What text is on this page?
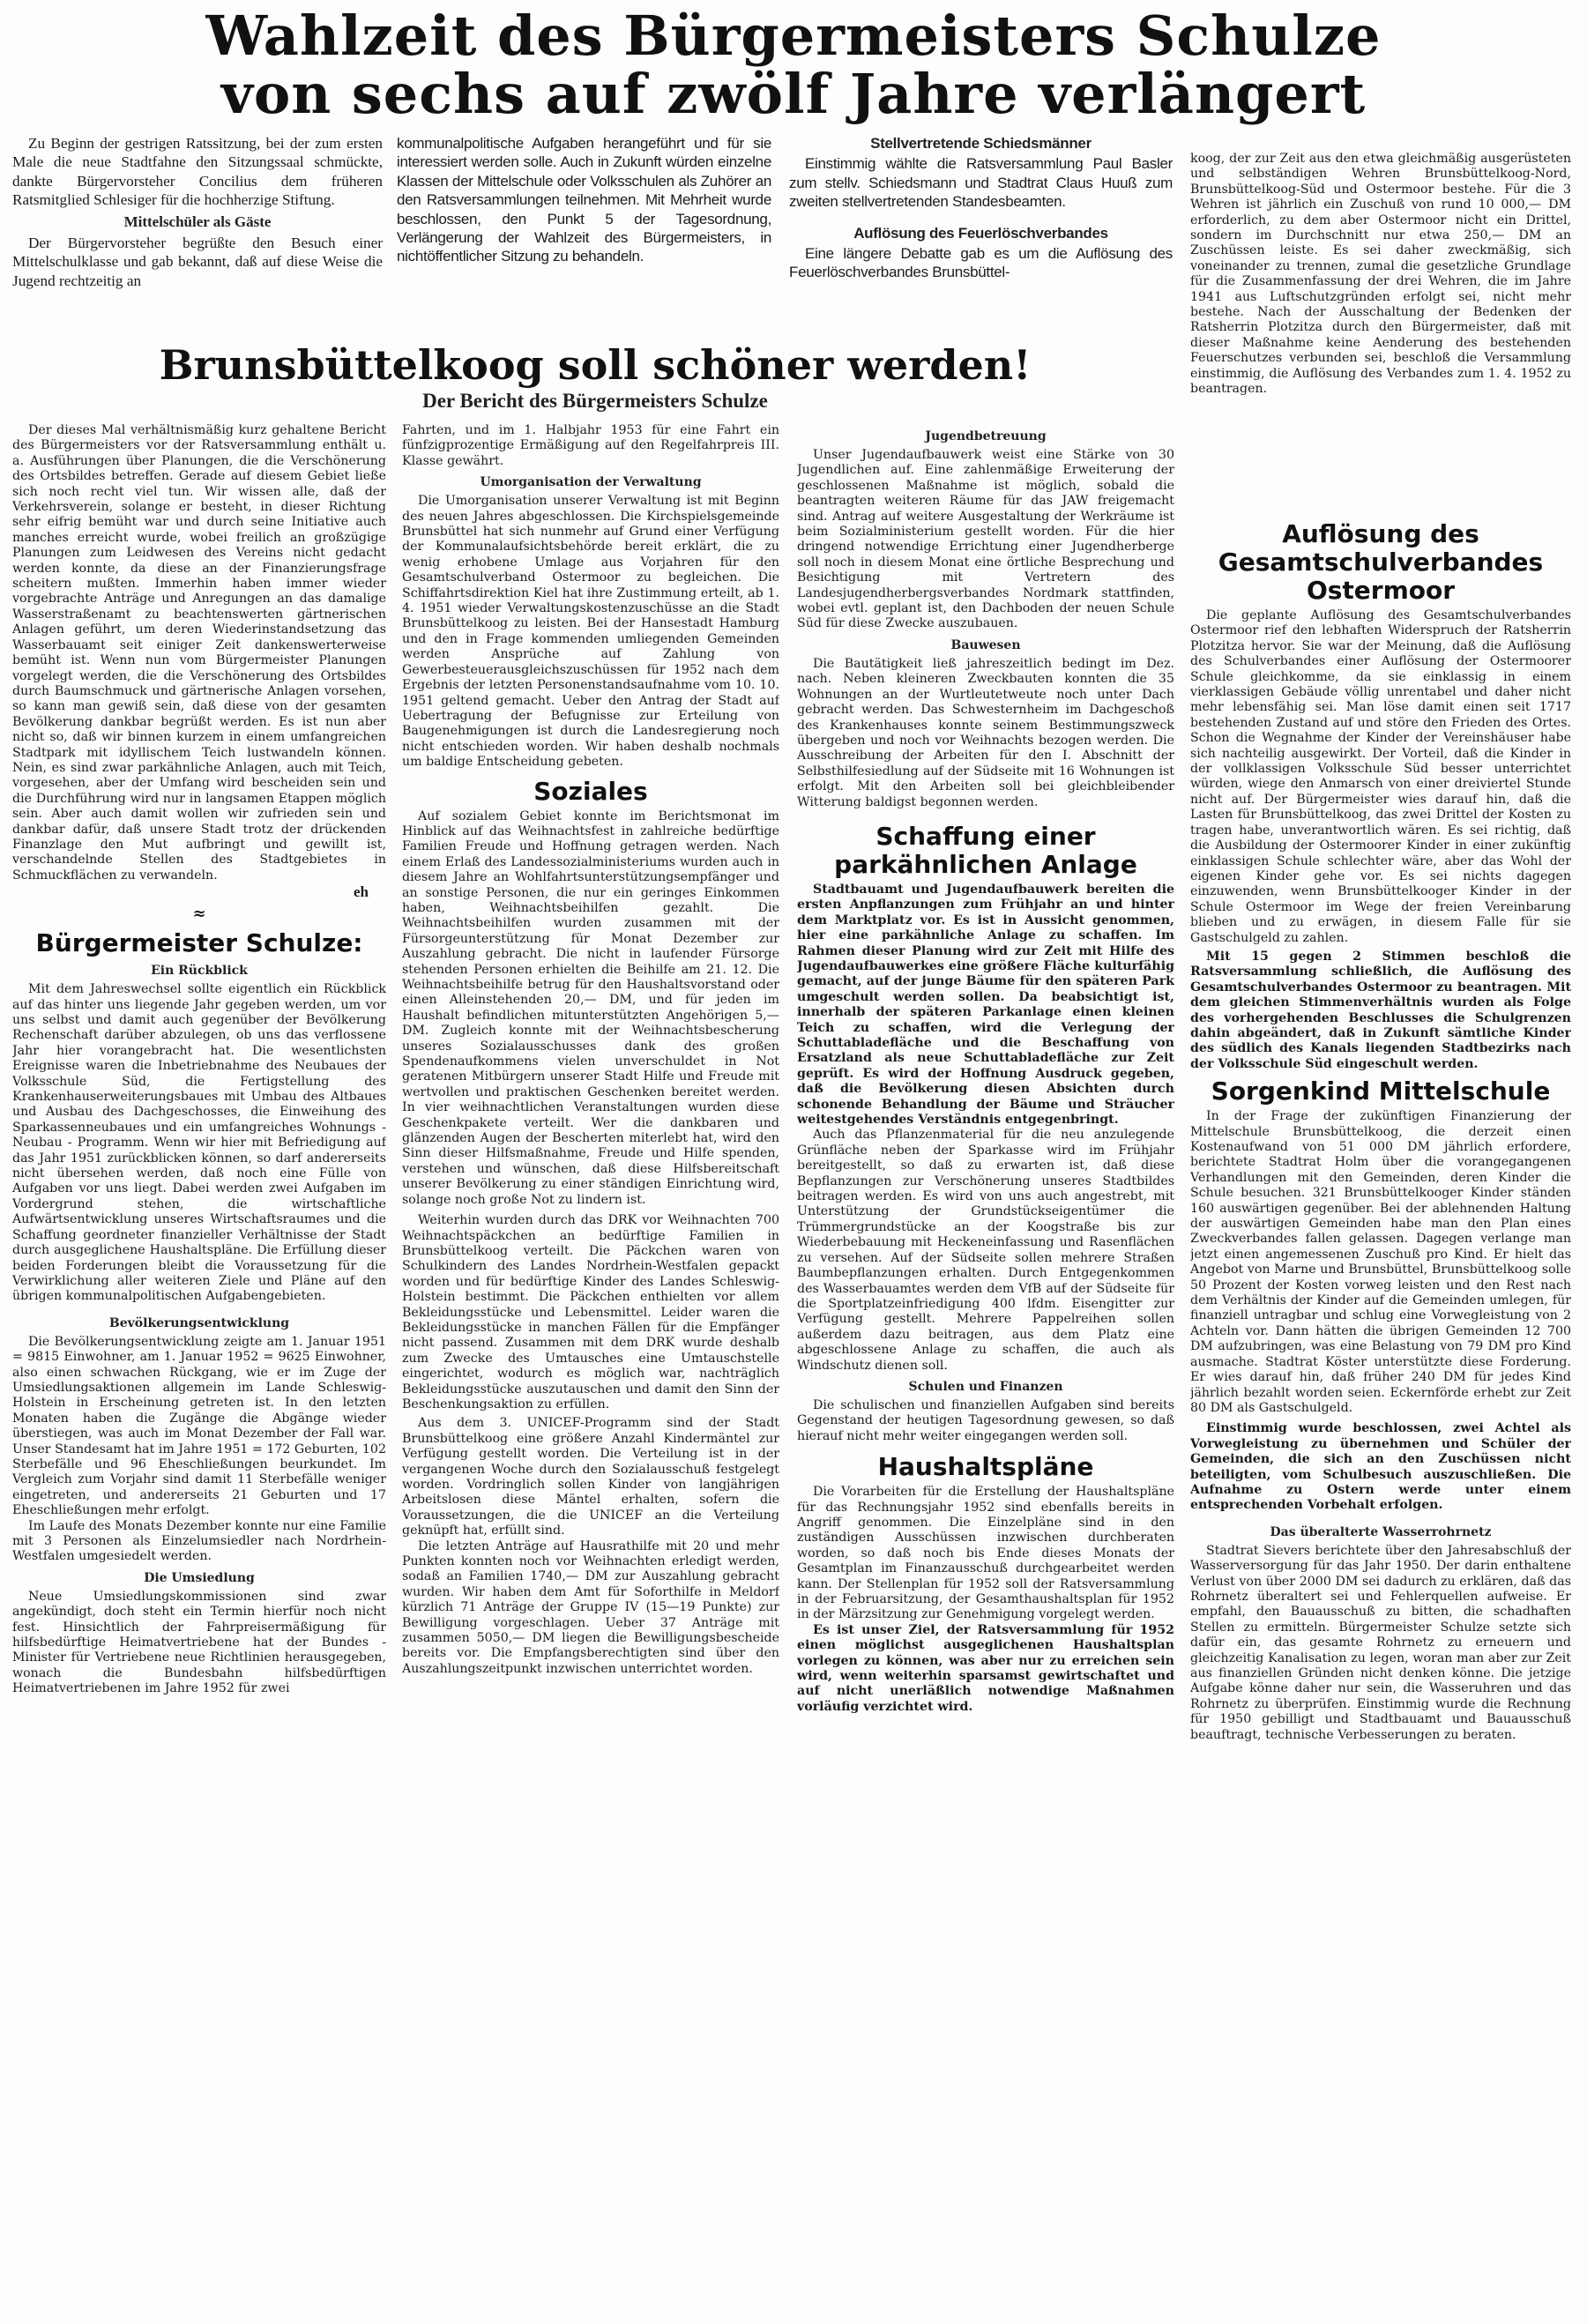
Wahlzeit des Bürgermeisters Schulze
von sechs auf zwölf Jahre verlängert

Zu Beginn der gestrigen Ratssitzung, bei der zum ersten Male die neue Stadtfahne den Sitzungssaal schmückte, dankte Bürgervorsteher Concilius dem früheren Ratsmitglied Schlesiger für die hochherzige Stiftung.

Mittelschüler als Gäste

Der Bürgervorsteher begrüßte den Besuch einer Mittelschulklasse und gab bekannt, daß auf diese Weise die Jugend rechtzeitig an

kommunalpolitische Aufgaben herangeführt und für sie interessiert werden solle. Auch in Zukunft würden einzelne Klassen der Mittelschule oder Volksschulen als Zuhörer an den Ratsversammlungen teilnehmen. Mit Mehrheit wurde beschlossen, den Punkt 5 der Tagesordnung, Verlängerung der Wahlzeit des Bürgermeisters, in nichtöffentlicher Sitzung zu behandeln.

Stellvertretende Schiedsmänner

Einstimmig wählte die Ratsversammlung Paul Basler zum stellv. Schiedsmann und Stadtrat Claus Huuß zum zweiten stellvertretenden Standesbeamten.

Auflösung des Feuerlöschverbandes

Eine längere Debatte gab es um die Auflösung des Feuerlöschverbandes Brunsbüttel-

koog, der zur Zeit aus den etwa gleichmäßig ausgerüsteten und selbständigen Wehren Brunsbüttelkoog-Nord, Brunsbüttelkoog-Süd und Ostermoor bestehe. Für die 3 Wehren ist jährlich ein Zuschuß von rund 10 000,— DM erforderlich, zu dem aber Ostermoor nicht ein Drittel, sondern im Durchschnitt nur etwa 250,— DM an Zuschüssen leiste. Es sei daher zweckmäßig, sich voneinander zu trennen, zumal die gesetzliche Grundlage für die Zusammenfassung der drei Wehren, die im Jahre 1941 aus Luftschutzgründen erfolgt sei, nicht mehr bestehe. Nach der Ausschaltung der Bedenken der Ratsherrin Plotzitza durch den Bürgermeister, daß mit dieser Maßnahme keine Aenderung des bestehenden Feuerschutzes verbunden sei, beschloß die Versammlung einstimmig, die Auflösung des Verbandes zum 1. 4. 1952 zu beantragen.

Brunsbüttelkoog soll schöner werden!
Der Bericht des Bürgermeisters Schulze

Der dieses Mal verhältnismäßig kurz gehaltene Bericht des Bürgermeisters vor der Ratsversammlung enthält u. a. Ausführungen über Planungen, die die Verschönerung des Ortsbildes betreffen. Gerade auf diesem Gebiet ließe sich noch recht viel tun. Wir wissen alle, daß der Verkehrsverein, solange er besteht, in dieser Richtung sehr eifrig bemüht war und durch seine Initiative auch manches erreicht wurde, wobei freilich an großzügige Planungen zum Leidwesen des Vereins nicht gedacht werden konnte, da diese an der Finanzierungsfrage scheitern mußten. Immerhin haben immer wieder vorgebrachte Anträge und Anregungen an das damalige Wasserstraßenamt zu beachtenswerten gärtnerischen Anlagen geführt, um deren Wiederinstandsetzung das Wasserbauamt seit einiger Zeit dankenswerterweise bemüht ist. Wenn nun vom Bürgermeister Planungen vorgelegt werden, die die Verschönerung des Ortsbildes durch Baumschmuck und gärtnerische Anlagen vorsehen, so kann man gewiß sein, daß diese von der gesamten Bevölkerung dankbar begrüßt werden. Es ist nun aber nicht so, daß wir binnen kurzem in einem umfangreichen Stadtpark mit idyllischem Teich lustwandeln können. Nein, es sind zwar parkähnliche Anlagen, auch mit Teich, vorgesehen, aber der Umfang wird bescheiden sein und die Durchführung wird nur in langsamen Etappen möglich sein. Aber auch damit wollen wir zufrieden sein und dankbar dafür, daß unsere Stadt trotz der drückenden Finanzlage den Mut aufbringt und gewillt ist, verschandelnde Stellen des Stadtgebietes in Schmuckflächen zu verwandeln.

eh
≈
Bürgermeister Schulze:
Ein Rückblick

Mit dem Jahreswechsel sollte eigentlich ein Rückblick auf das hinter uns liegende Jahr gegeben werden, um vor uns selbst und damit auch gegenüber der Bevölkerung Rechenschaft darüber abzulegen, ob uns das verflossene Jahr hier vorangebracht hat. Die wesentlichsten Ereignisse waren die Inbetriebnahme des Neubaues der Volksschule Süd, die Fertigstellung des Krankenhauserweiterungsbaues mit Umbau des Altbaues und Ausbau des Dachgeschosses, die Einweihung des Sparkassenneubaues und ein umfangreiches Wohnungs - Neubau - Programm. Wenn wir hier mit Befriedigung auf das Jahr 1951 zurückblicken können, so darf andererseits nicht übersehen werden, daß noch eine Fülle von Aufgaben vor uns liegt. Dabei werden zwei Aufgaben im Vordergrund stehen, die wirtschaftliche Aufwärtsentwicklung unseres Wirtschaftsraumes und die Schaffung geordneter finanzieller Verhältnisse der Stadt durch ausgeglichene Haushaltspläne. Die Erfüllung dieser beiden Forderungen bleibt die Voraussetzung für die Verwirklichung aller weiteren Ziele und Pläne auf den übrigen kommunalpolitischen Aufgabengebieten.

Bevölkerungsentwicklung

Die Bevölkerungsentwicklung zeigte am 1. Januar 1951 = 9815 Einwohner, am 1. Januar 1952 = 9625 Einwohner, also einen schwachen Rückgang, wie er im Zuge der Umsiedlungsaktionen allgemein im Lande Schleswig-Holstein in Erscheinung getreten ist. In den letzten Monaten haben die Zugänge die Abgänge wieder überstiegen, was auch im Monat Dezember der Fall war. Unser Standesamt hat im Jahre 1951 = 172 Geburten, 102 Sterbefälle und 96 Eheschließungen beurkundet. Im Vergleich zum Vorjahr sind damit 11 Sterbefälle weniger eingetreten, und andererseits 21 Geburten und 17 Eheschließungen mehr erfolgt.

Im Laufe des Monats Dezember konnte nur eine Familie mit 3 Personen als Einzelumsiedler nach Nordrhein-Westfalen umgesiedelt werden.

Die Umsiedlung

Neue Umsiedlungskommissionen sind zwar angekündigt, doch steht ein Termin hierfür noch nicht fest. Hinsichtlich der Fahrpreisermäßigung für hilfsbedürftige Heimatvertriebene hat der Bundes - Minister für Vertriebene neue Richtlinien herausgegeben, wonach die Bundesbahn hilfsbedürftigen Heimatvertriebenen im Jahre 1952 für zwei

Fahrten, und im 1. Halbjahr 1953 für eine Fahrt ein fünfzigprozentige Ermäßigung auf den Regelfahrpreis III. Klasse gewährt.

Umorganisation der Verwaltung

Die Umorganisation unserer Verwaltung ist mit Beginn des neuen Jahres abgeschlossen. Die Kirchspielsgemeinde Brunsbüttel hat sich nunmehr auf Grund einer Verfügung der Kommunalaufsichtsbehörde bereit erklärt, die zu wenig erhobene Umlage aus Vorjahren für den Gesamtschulverband Ostermoor zu begleichen. Die Schiffahrtsdirektion Kiel hat ihre Zustimmung erteilt, ab 1. 4. 1951 wieder Verwaltungskostenzuschüsse an die Stadt Brunsbüttelkoog zu leisten. Bei der Hansestadt Hamburg und den in Frage kommenden umliegenden Gemeinden werden Ansprüche auf Zahlung von Gewerbesteuerausgleichszuschüssen für 1952 nach dem Ergebnis der letzten Personenstandsaufnahme vom 10. 10. 1951 geltend gemacht. Ueber den Antrag der Stadt auf Uebertragung der Befugnisse zur Erteilung von Baugenehmigungen ist durch die Landesregierung noch nicht entschieden worden. Wir haben deshalb nochmals um baldige Entscheidung gebeten.

Soziales

Auf sozialem Gebiet konnte im Berichtsmonat im Hinblick auf das Weihnachtsfest in zahlreiche bedürftige Familien Freude und Hoffnung getragen werden. Nach einem Erlaß des Landessozialministeriums wurden auch in diesem Jahre an Wohlfahrtsunterstützungsempfänger und an sonstige Personen, die nur ein geringes Einkommen haben, Weihnachtsbeihilfen gezahlt. Die Weihnachtsbeihilfen wurden zusammen mit der Fürsorgeunterstützung für Monat Dezember zur Auszahlung gebracht. Die nicht in laufender Fürsorge stehenden Personen erhielten die Beihilfe am 21. 12. Die Weihnachtsbeihilfe betrug für den Haushaltsvorstand oder einen Alleinstehenden 20,— DM, und für jeden im Haushalt befindlichen mitunterstützten Angehörigen 5,— DM. Zugleich konnte mit der Weihnachtsbescherung unseres Sozialausschusses dank des großen Spendenaufkommens vielen unverschuldet in Not geratenen Mitbürgern unserer Stadt Hilfe und Freude mit wertvollen und praktischen Geschenken bereitet werden. In vier weihnachtlichen Veranstaltungen wurden diese Geschenkpakete verteilt. Wer die dankbaren und glänzenden Augen der Bescherten miterlebt hat, wird den Sinn dieser Hilfsmaßnahme, Freude und Hilfe spenden, verstehen und wünschen, daß diese Hilfsbereitschaft unserer Bevölkerung zu einer ständigen Einrichtung wird, solange noch große Not zu lindern ist.

Weiterhin wurden durch das DRK vor Weihnachten 700 Weihnachtspäckchen an bedürftige Familien in Brunsbüttelkoog verteilt. Die Päckchen waren von Schulkindern des Landes Nordrhein-Westfalen gepackt worden und für bedürftige Kinder des Landes Schleswig-Holstein bestimmt. Die Päckchen enthielten vor allem Bekleidungsstücke und Lebensmittel. Leider waren die Bekleidungsstücke in manchen Fällen für die Empfänger nicht passend. Zusammen mit dem DRK wurde deshalb zum Zwecke des Umtausches eine Umtauschstelle eingerichtet, wodurch es möglich war, nachträglich Bekleidungsstücke auszutauschen und damit den Sinn der Beschenkungsaktion zu erfüllen.

Aus dem 3. UNICEF-Programm sind der Stadt Brunsbüttelkoog eine größere Anzahl Kindermäntel zur Verfügung gestellt worden. Die Verteilung ist in der vergangenen Woche durch den Sozialausschuß festgelegt worden. Vordringlich sollen Kinder von langjährigen Arbeitslosen diese Mäntel erhalten, sofern die Voraussetzungen, die die UNICEF an die Verteilung geknüpft hat, erfüllt sind.

Die letzten Anträge auf Hausrathilfe mit 20 und mehr Punkten konnten noch vor Weihnachten erledigt werden, sodaß an Familien 1740,— DM zur Auszahlung gebracht wurden. Wir haben dem Amt für Soforthilfe in Meldorf kürzlich 71 Anträge der Gruppe IV (15—19 Punkte) zur Bewilligung vorgeschlagen. Ueber 37 Anträge mit zusammen 5050,— DM liegen die Bewilligungsbescheide bereits vor. Die Empfangsberechtigten sind über den Auszahlungszeitpunkt inzwischen unterrichtet worden.

Jugendbetreuung

Unser Jugendaufbauwerk weist eine Stärke von 30 Jugendlichen auf. Eine zahlenmäßige Erweiterung der geschlossenen Maßnahme ist möglich, sobald die beantragten weiteren Räume für das JAW freigemacht sind. Antrag auf weitere Ausgestaltung der Werkräume ist beim Sozialministerium gestellt worden. Für die hier dringend notwendige Errichtung einer Jugendherberge soll noch in diesem Monat eine örtliche Besprechung und Besichtigung mit Vertretern des Landesjugendherbergsverbandes Nordmark stattfinden, wobei evtl. geplant ist, den Dachboden der neuen Schule Süd für diese Zwecke auszubauen.

Bauwesen

Die Bautätigkeit ließ jahreszeitlich bedingt im Dez. nach. Neben kleineren Zweckbauten konnten die 35 Wohnungen an der Wurtleutetweute noch unter Dach gebracht werden. Das Schwesternheim im Dachgeschoß des Krankenhauses konnte seinem Bestimmungszweck übergeben und noch vor Weihnachts bezogen werden. Die Ausschreibung der Arbeiten für den I. Abschnitt der Selbsthilfesiedlung auf der Südseite mit 16 Wohnungen ist erfolgt. Mit den Arbeiten soll bei gleichbleibender Witterung baldigst begonnen werden.

Schaffung einer parkähnlichen Anlage

Stadtbauamt und Jugendaufbauwerk bereiten die ersten Anpflanzungen zum Frühjahr an und hinter dem Marktplatz vor. Es ist in Aussicht genommen, hier eine parkähnliche Anlage zu schaffen. Im Rahmen dieser Planung wird zur Zeit mit Hilfe des Jugendaufbauwerkes eine größere Fläche kulturfähig gemacht, auf der junge Bäume für den späteren Park umgeschult werden sollen. Da beabsichtigt ist, innerhalb der späteren Parkanlage einen kleinen Teich zu schaffen, wird die Verlegung der Schuttabladefläche und die Beschaffung von Ersatzland als neue Schuttabladefläche zur Zeit geprüft. Es wird der Hoffnung Ausdruck gegeben, daß die Bevölkerung diesen Absichten durch schonende Behandlung der Bäume und Sträucher weitestgehendes Verständnis entgegenbringt.

Auch das Pflanzenmaterial für die neu anzulegende Grünfläche neben der Sparkasse wird im Frühjahr bereitgestellt, so daß zu erwarten ist, daß diese Bepflanzungen zur Verschönerung unseres Stadtbildes beitragen werden. Es wird von uns auch angestrebt, mit Unterstützung der Grundstückseigentümer die Trümmergrundstücke an der Koogstraße bis zur Wiederbebauung mit Heckeneinfassung und Rasenflächen zu versehen. Auf der Südseite sollen mehrere Straßen Baumbepflanzungen erhalten. Durch Entgegenkommen des Wasserbauamtes werden dem VfB auf der Südseite für die Sportplatzeinfriedigung 400 lfdm. Eisengitter zur Verfügung gestellt. Mehrere Pappelreihen sollen außerdem dazu beitragen, aus dem Platz eine abgeschlossene Anlage zu schaffen, die auch als Windschutz dienen soll.

Schulen und Finanzen

Die schulischen und finanziellen Aufgaben sind bereits Gegenstand der heutigen Tagesordnung gewesen, so daß hierauf nicht mehr weiter eingegangen werden soll.

Haushaltspläne

Die Vorarbeiten für die Erstellung der Haushaltspläne für das Rechnungsjahr 1952 sind ebenfalls bereits in Angriff genommen. Die Einzelpläne sind in den zuständigen Ausschüssen inzwischen durchberaten worden, so daß noch bis Ende dieses Monats der Gesamtplan im Finanzausschuß durchgearbeitet werden kann. Der Stellenplan für 1952 soll der Ratsversammlung in der Februarsitzung, der Gesamthaushaltsplan für 1952 in der Märzsitzung zur Genehmigung vorgelegt werden.

Es ist unser Ziel, der Ratsversammlung für 1952 einen möglichst ausgeglichenen Haushaltsplan vorlegen zu können, was aber nur zu erreichen sein wird, wenn weiterhin sparsamst gewirtschaftet und auf nicht unerläßlich notwendige Maßnahmen vorläufig verzichtet wird.

Auflösung des Gesamtschulverbandes Ostermoor

Die geplante Auflösung des Gesamtschulverbandes Ostermoor rief den lebhaften Widerspruch der Ratsherrin Plotzitza hervor. Sie war der Meinung, daß die Auflösung des Schulverbandes einer Auflösung der Ostermoorer Schule gleichkomme, da sie einklassig in einem vierklassigen Gebäude völlig unrentabel und daher nicht mehr lebensfähig sei. Man löse damit einen seit 1717 bestehenden Zustand auf und störe den Frieden des Ortes. Schon die Wegnahme der Kinder der Vereinshäuser habe sich nachteilig ausgewirkt. Der Vorteil, daß die Kinder in der vollklassigen Volksschule Süd besser unterrichtet würden, wiege den Anmarsch von einer dreiviertel Stunde nicht auf. Der Bürgermeister wies darauf hin, daß die Lasten für Brunsbüttelkoog, das zwei Drittel der Kosten zu tragen habe, unverantwortlich wären. Es sei richtig, daß die Ausbildung der Ostermoorer Kinder in einer zukünftig einklassigen Schule schlechter wäre, aber das Wohl der eigenen Kinder gehe vor. Es sei nichts dagegen einzuwenden, wenn Brunsbüttelkooger Kinder in der Schule Ostermoor im Wege der freien Vereinbarung blieben und zu erwägen, in diesem Falle für sie Gastschulgeld zu zahlen.

Mit 15 gegen 2 Stimmen beschloß die Ratsversammlung schließlich, die Auflösung des Gesamtschulverbandes Ostermoor zu beantragen. Mit dem gleichen Stimmenverhältnis wurden als Folge des vorhergehenden Beschlusses die Schulgrenzen dahin abgeändert, daß in Zukunft sämtliche Kinder des südlich des Kanals liegenden Stadtbezirks nach der Volksschule Süd eingeschult werden.

Sorgenkind Mittelschule

In der Frage der zukünftigen Finanzierung der Mittelschule Brunsbüttelkoog, die derzeit einen Kostenaufwand von 51 000 DM jährlich erfordere, berichtete Stadtrat Holm über die vorangegangenen Verhandlungen mit den Gemeinden, deren Kinder die Schule besuchen. 321 Brunsbüttelkooger Kinder ständen 160 auswärtigen gegenüber. Bei der ablehnenden Haltung der auswärtigen Gemeinden habe man den Plan eines Zweckverbandes fallen gelassen. Dagegen verlange man jetzt einen angemessenen Zuschuß pro Kind. Er hielt das Angebot von Marne und Brunsbüttel, Brunsbüttelkoog solle 50 Prozent der Kosten vorweg leisten und den Rest nach dem Verhältnis der Kinder auf die Gemeinden umlegen, für finanziell untragbar und schlug eine Vorwegleistung von 2 Achteln vor. Dann hätten die übrigen Gemeinden 12 700 DM aufzubringen, was eine Belastung von 79 DM pro Kind ausmache. Stadtrat Köster unterstützte diese Forderung. Er wies darauf hin, daß früher 240 DM für jedes Kind jährlich bezahlt worden seien. Eckernförde erhebt zur Zeit 80 DM als Gastschulgeld.

Einstimmig wurde beschlossen, zwei Achtel als Vorwegleistung zu übernehmen und Schüler der Gemeinden, die sich an den Zuschüssen nicht beteiligten, vom Schulbesuch auszuschließen. Die Aufnahme zu Ostern werde unter einem entsprechenden Vorbehalt erfolgen.

Das überalterte Wasserrohrnetz

Stadtrat Sievers berichtete über den Jahresabschluß der Wasserversorgung für das Jahr 1950. Der darin enthaltene Verlust von über 2000 DM sei dadurch zu erklären, daß das Rohrnetz überaltert sei und Fehlerquellen aufweise. Er empfahl, den Bauausschuß zu bitten, die schadhaften Stellen zu ermitteln. Bürgermeister Schulze setzte sich dafür ein, das gesamte Rohrnetz zu erneuern und gleichzeitig Kanalisation zu legen, woran man aber zur Zeit aus finanziellen Gründen nicht denken könne. Die jetzige Aufgabe könne daher nur sein, die Wasseruhren und das Rohrnetz zu überprüfen. Einstimmig wurde die Rechnung für 1950 gebilligt und Stadtbauamt und Bauausschuß beauftragt, technische Verbesserungen zu beraten.
